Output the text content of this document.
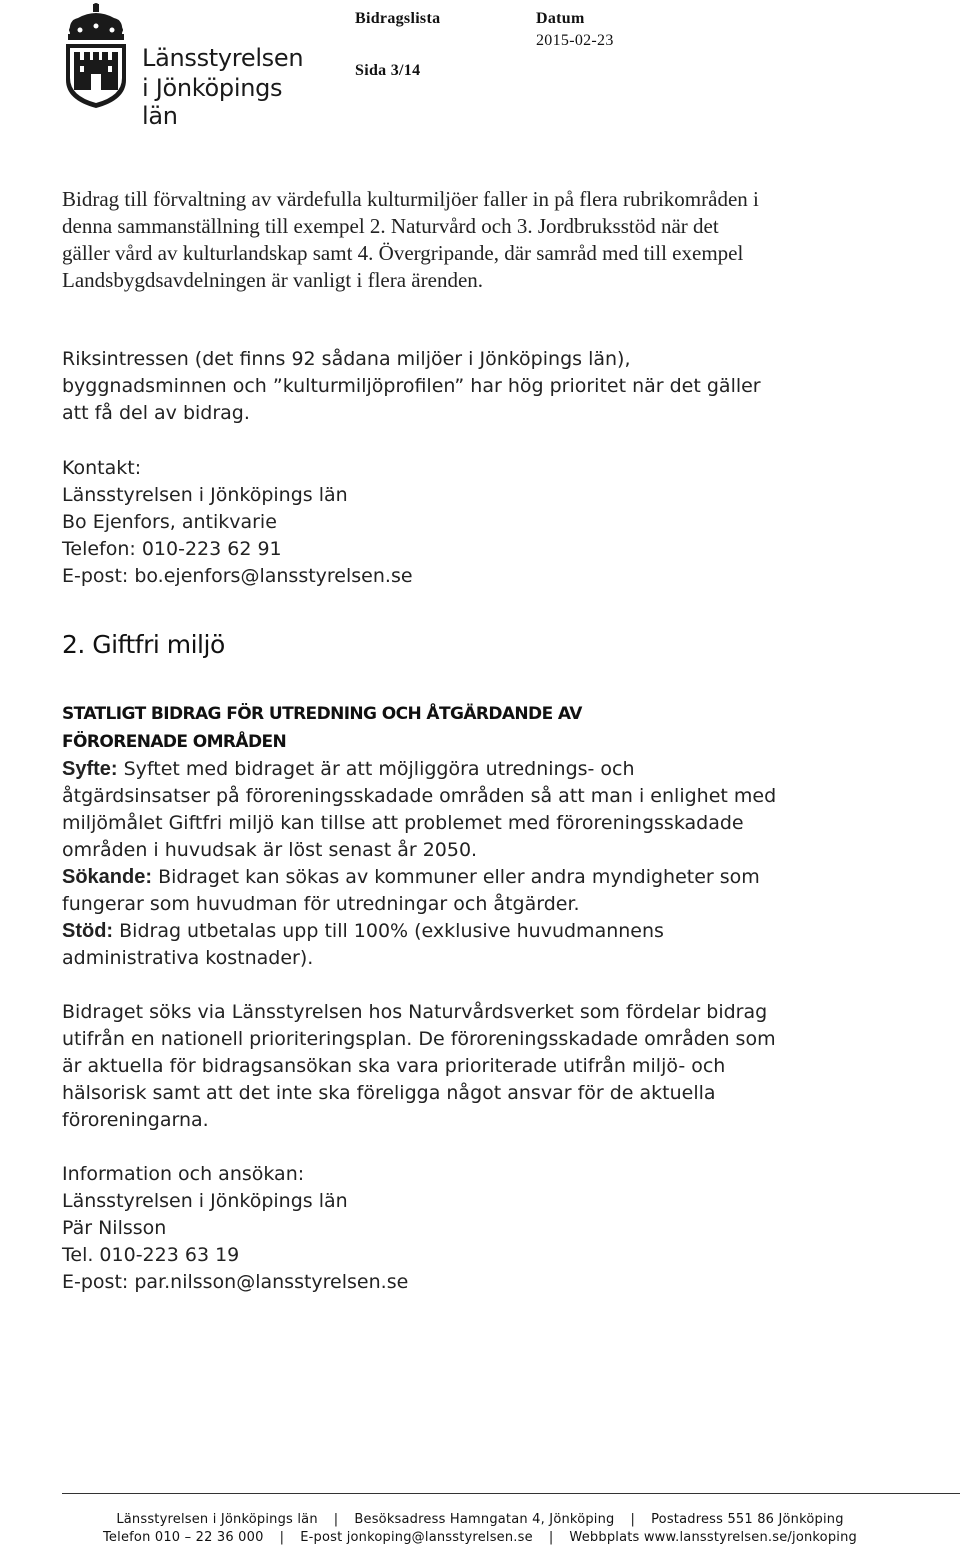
Länsstyrelsen
i Jönköpings län
Bidragslista	Datum
2015-02-23
Sida 3/14

Bidrag till förvaltning av värdefulla kulturmiljöer faller in på flera rubrikområden i denna sammanställning till exempel 2. Naturvård och 3. Jordbruksstöd när det gäller vård av kulturlandskap samt 4. Övergripande, där samråd med till exempel Landsbygdsavdelningen är vanligt i flera ärenden.

Riksintressen (det finns 92 sådana miljöer i Jönköpings län), byggnadsminnen och ”kulturmiljöprofilen” har hög prioritet när det gäller att få del av bidrag.

Kontakt:

Länsstyrelsen i Jönköpings län

Bo Ejenfors, antikvarie

Telefon: 010-223 62 91

E-post: bo.ejenfors@lansstyrelsen.se

2. Giftfri miljö
STATLIGT BIDRAG FÖR UTREDNING OCH ÅTGÄRDANDE AV
FÖRORENADE OMRÅDEN

Syfte: Syftet med bidraget är att möjliggöra utrednings- och åtgärdsinsatser på föroreningsskadade områden så att man i enlighet med miljömålet Giftfri miljö kan tillse att problemet med föroreningsskadade områden i huvudsak är löst senast år 2050.

Sökande: Bidraget kan sökas av kommuner eller andra myndigheter som fungerar som huvudman för utredningar och åtgärder.

Stöd: Bidrag utbetalas upp till 100% (exklusive huvudmannens administrativa kostnader).

Bidraget söks via Länsstyrelsen hos Naturvårdsverket som fördelar bidrag utifrån en nationell prioriteringsplan. De föroreningsskadade områden som är aktuella för bidragsansökan ska vara prioriterade utifrån miljö- och hälsorisk samt att det inte ska föreligga något ansvar för de aktuella föroreningarna.

Information och ansökan:

Länsstyrelsen i Jönköpings län

Pär Nilsson

Tel. 010-223 63 19

E-post: par.nilsson@lansstyrelsen.se

Länsstyrelsen i Jönköpings län | Besöksadress Hamngatan 4, Jönköping | Postadress 551 86 Jönköping
Telefon 010 – 22 36 000 | E-post jonkoping@lansstyrelsen.se | Webbplats www.lansstyrelsen.se/jonkoping
